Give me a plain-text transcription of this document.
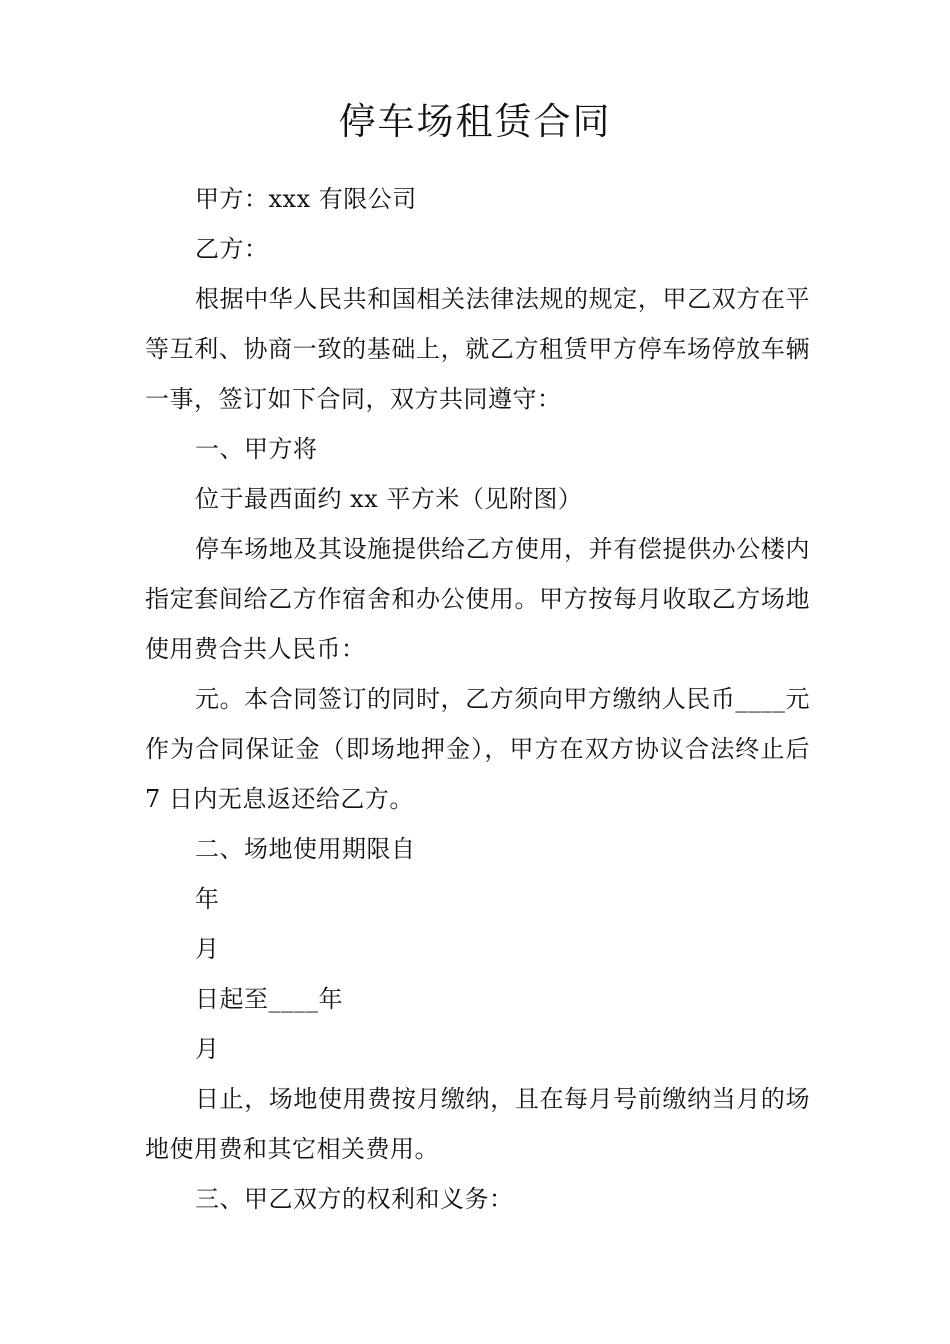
停车场租赁合同

甲方：xxx 有限公司

乙方：

根据中华人民共和国相关法律法规的规定，甲乙双方在平等互利、协商一致的基础上，就乙方租赁甲方停车场停放车辆一事，签订如下合同，双方共同遵守：

一、甲方将

位于最西面约 xx 平方米（见附图）

停车场地及其设施提供给乙方使用，并有偿提供办公楼内指定套间给乙方作宿舍和办公使用。甲方按每月收取乙方场地使用费合共人民币：

元。本合同签订的同时，乙方须向甲方缴纳人民币____元作为合同保证金（即场地押金），甲方在双方协议合法终止后 7 日内无息返还给乙方。

二、场地使用期限自

年

月

日起至____年

月

日止，场地使用费按月缴纳，且在每月号前缴纳当月的场地使用费和其它相关费用。

三、甲乙双方的权利和义务：
